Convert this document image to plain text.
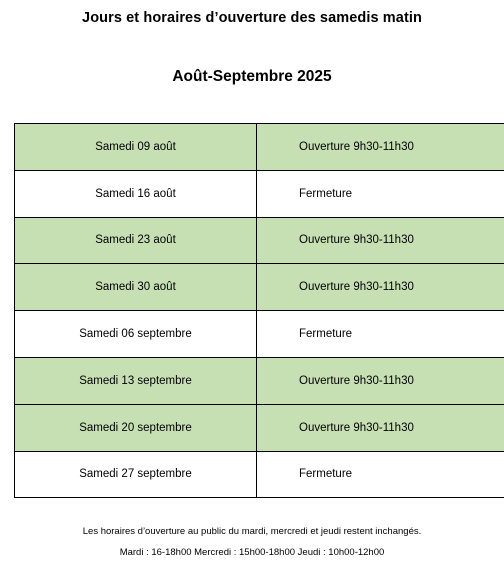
Jours et horaires d’ouverture des samedis matin
Août-Septembre 2025
Samedi 09 août	Ouverture 9h30-11h30
Samedi 16 août	Fermeture
Samedi 23 août	Ouverture 9h30-11h30
Samedi 30 août	Ouverture 9h30-11h30
Samedi 06 septembre	Fermeture
Samedi 13 septembre	Ouverture 9h30-11h30
Samedi 20 septembre	Ouverture 9h30-11h30
Samedi 27 septembre	Fermeture
Les horaires d’ouverture au public du mardi, mercredi et jeudi restent inchangés.
Mardi : 16-18h00 Mercredi : 15h00-18h00 Jeudi : 10h00-12h00
